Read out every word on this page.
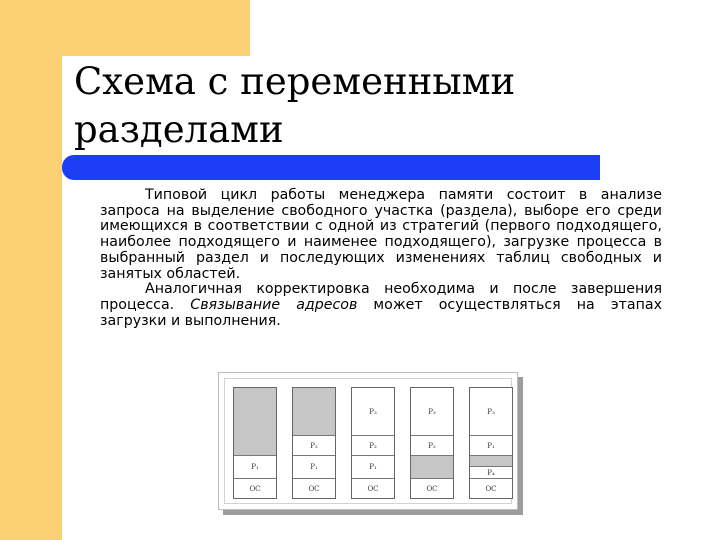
Схема с переменными
разделами

Типовой цикл работы менеджера памяти состоит в анализе запроса на выделение свободного участка (раздела), выборе его среди имеющихся в соответствии с одной из стратегий (первого подходящего, наиболее подходящего и наименее подходящего), загрузке процесса в выбранный раздел и последующих изменениях таблиц свободных и занятых областей.

Аналогичная корректировка необходима и после завершения процесса. Связывание адресов может осуществляться на этапах загрузки и выполнения.

P₁
ОС
P₂
P₁
ОС
P₃
P₂
P₁
ОС
P₃
P₂
ОС
P₃
P₁
P₄
ОС
